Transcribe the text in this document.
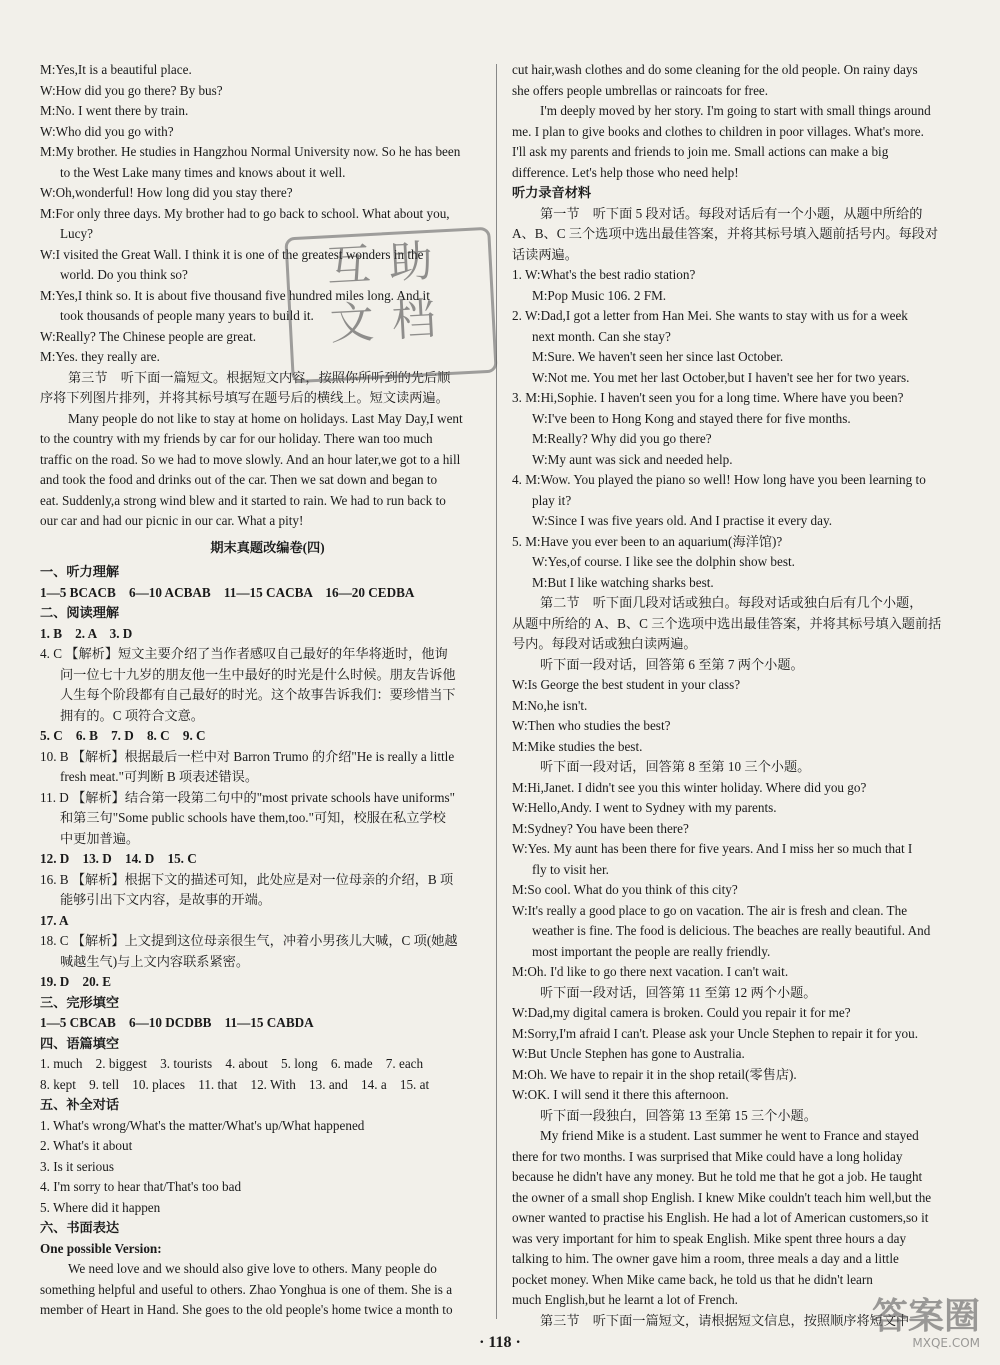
M:Yes,It is a beautiful place.
W:How did you go there? By bus?
M:No. I went there by train.
W:Who did you go with?
M:My brother. He studies in Hangzhou Normal University now. So he has been
to the West Lake many times and knows about it well.
W:Oh,wonderful! How long did you stay there?
M:For only three days. My brother had to go back to school. What about you,
Lucy?
W:I visited the Great Wall. I think it is one of the greatest wonders in the
world. Do you think so?
M:Yes,I think so. It is about five thousand five hundred miles long. And it
took thousands of people many years to build it.
W:Really? The Chinese people are great.
M:Yes. they really are.
第三节　听下面一篇短文。根据短文内容，按照你所听到的先后顺
序将下列图片排列，并将其标号填写在题号后的横线上。短文读两遍。
Many people do not like to stay at home on holidays. Last May Day,I went
to the country with my friends by car for our holiday. There wan too much
traffic on the road. So we had to move slowly. And an hour later,we got to a hill
and took the food and drinks out of the car. Then we sat down and began to
eat. Suddenly,a strong wind blew and it started to rain. We had to run back to
our car and had our picnic in our car. What a pity!
期末真题改编卷(四)
一、听力理解
1—5 BCACB　6—10 ACBAB　11—15 CACBA　16—20 CEDBA
二、阅读理解
1. B　2. A　3. D
4. C 【解析】短文主要介绍了当作者感叹自己最好的年华将逝时，他询
问一位七十九岁的朋友他一生中最好的时光是什么时候。朋友告诉他
人生每个阶段都有自己最好的时光。这个故事告诉我们：要珍惜当下
拥有的。C 项符合文意。
5. C　6. B　7. D　8. C　9. C
10. B 【解析】根据最后一栏中对 Barron Trumo 的介绍"He is really a little
fresh meat."可判断 B 项表述错误。
11. D 【解析】结合第一段第二句中的"most private schools have uniforms"
和第三句"Some public schools have them,too."可知，校服在私立学校
中更加普遍。
12. D　13. D　14. D　15. C
16. B 【解析】根据下文的描述可知，此处应是对一位母亲的介绍，B 项
能够引出下文内容，是故事的开端。
17. A
18. C 【解析】上文提到这位母亲很生气，冲着小男孩儿大喊，C 项(她越
喊越生气)与上文内容联系紧密。
19. D　20. E
三、完形填空
1—5 CBCAB　6—10 DCDBB　11—15 CABDA
四、语篇填空
1. much　2. biggest　3. tourists　4. about　5. long　6. made　7. each
8. kept　9. tell　10. places　11. that　12. With　13. and　14. a　15. at
五、补全对话
1. What's wrong/What's the matter/What's up/What happened
2. What's it about
3. Is it serious
4. I'm sorry to hear that/That's too bad
5. Where did it happen
六、书面表达
One possible Version:
We need love and we should also give love to others. Many people do
something helpful and useful to others. Zhao Yonghua is one of them. She is a
member of Heart in Hand. She goes to the old people's home twice a month to
cut hair,wash clothes and do some cleaning for the old people. On rainy days
she offers people umbrellas or raincoats for free.
I'm deeply moved by her story. I'm going to start with small things around
me. I plan to give books and clothes to children in poor villages. What's more.
I'll ask my parents and friends to join me. Small actions can make a big
difference. Let's help those who need help!
听力录音材料
第一节　听下面 5 段对话。每段对话后有一个小题，从题中所给的
A、B、C 三个选项中选出最佳答案，并将其标号填入题前括号内。每段对
话读两遍。
1. W:What's the best radio station?
M:Pop Music 106. 2 FM.
2. W:Dad,I got a letter from Han Mei. She wants to stay with us for a week
next month. Can she stay?
M:Sure. We haven't seen her since last October.
W:Not me. You met her last October,but I haven't see her for two years.
3. M:Hi,Sophie. I haven't seen you for a long time. Where have you been?
W:I've been to Hong Kong and stayed there for five months.
M:Really? Why did you go there?
W:My aunt was sick and needed help.
4. M:Wow. You played the piano so well! How long have you been learning to
play it?
W:Since I was five years old. And I practise it every day.
5. M:Have you ever been to an aquarium(海洋馆)?
W:Yes,of course. I like see the dolphin show best.
M:But I like watching sharks best.
第二节　听下面几段对话或独白。每段对话或独白后有几个小题，
从题中所给的 A、B、C 三个选项中选出最佳答案，并将其标号填入题前括
号内。每段对话或独白读两遍。
听下面一段对话，回答第 6 至第 7 两个小题。
W:Is George the best student in your class?
M:No,he isn't.
W:Then who studies the best?
M:Mike studies the best.
听下面一段对话，回答第 8 至第 10 三个小题。
M:Hi,Janet. I didn't see you this winter holiday. Where did you go?
W:Hello,Andy. I went to Sydney with my parents.
M:Sydney? You have been there?
W:Yes. My aunt has been there for five years. And I miss her so much that I
fly to visit her.
M:So cool. What do you think of this city?
W:It's really a good place to go on vacation. The air is fresh and clean. The
weather is fine. The food is delicious. The beaches are really beautiful. And
most important the people are really friendly.
M:Oh. I'd like to go there next vacation. I can't wait.
听下面一段对话，回答第 11 至第 12 两个小题。
W:Dad,my digital camera is broken. Could you repair it for me?
M:Sorry,I'm afraid I can't. Please ask your Uncle Stephen to repair it for you.
W:But Uncle Stephen has gone to Australia.
M:Oh. We have to repair it in the shop retail(零售店).
W:OK. I will send it there this afternoon.
听下面一段独白，回答第 13 至第 15 三个小题。
My friend Mike is a student. Last summer he went to France and stayed
there for two months. I was surprised that Mike could have a long holiday
because he didn't have any money. But he told me that he got a job. He taught
the owner of a small shop English. I knew Mike couldn't teach him well,but the
owner wanted to practise his English. He had a lot of American customers,so it
was very important for him to speak English. Mike spent three hours a day
talking to him. The owner gave him a room, three meals a day and a little
pocket money. When Mike came back, he told us that he didn't learn
much English,but he learnt a lot of French.
第三节　听下面一篇短文，请根据短文信息，按照顺序将短文中
互助
文档
答案圈
MXQE.COM
· 118 ·
